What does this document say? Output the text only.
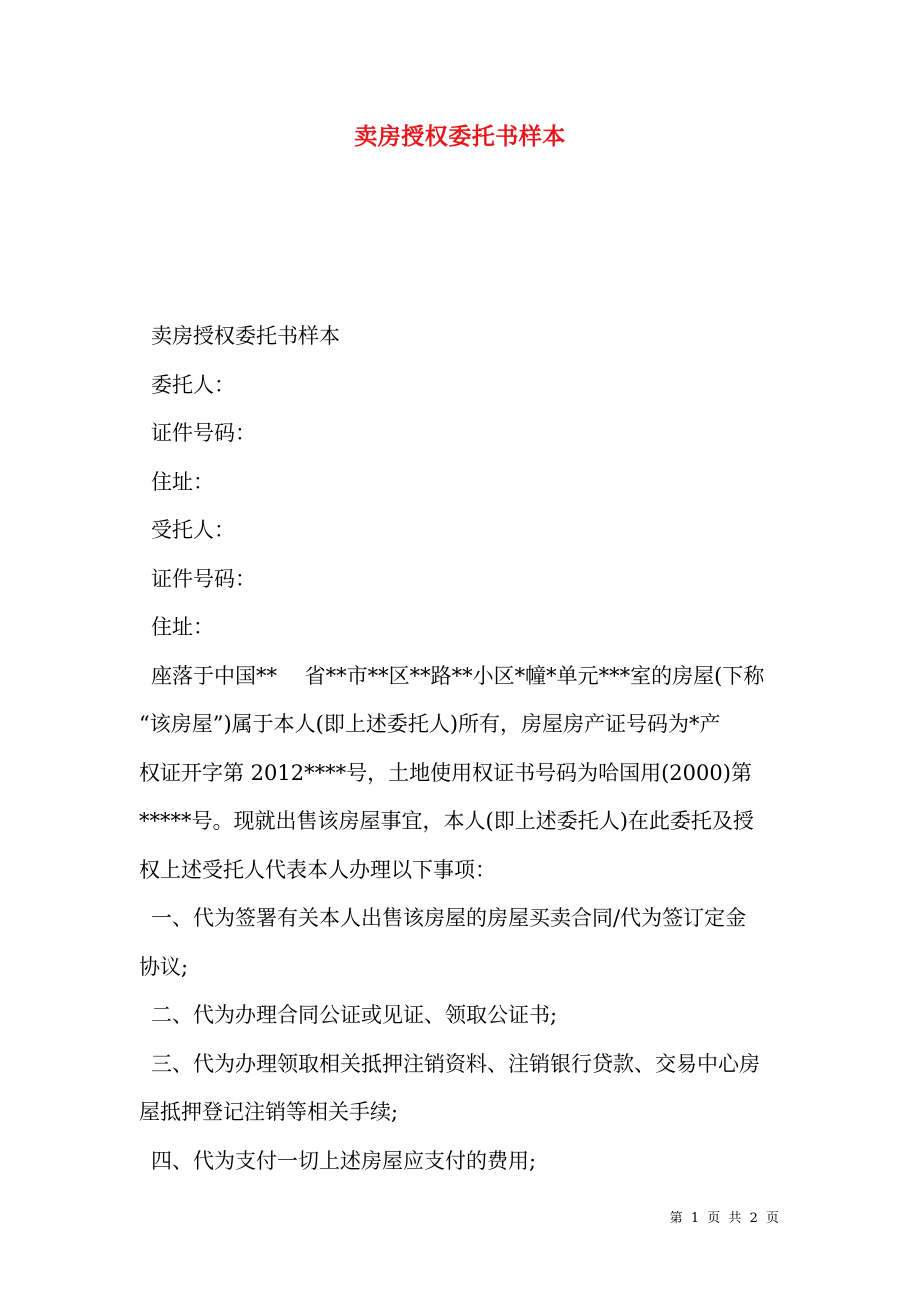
卖房授权委托书样本

卖房授权委托书样本

委托人：

证件号码：

住址：

受托人：

证件号码：

住址：

座落于中国**　 省**市**区**路**小区*幢*单元***室的房屋(下称

“该房屋”)属于本人(即上述委托人)所有，房屋房产证号码为*产

权证开字第 2012****号，土地使用权证书号码为哈国用(2000)第

*****号。现就出售该房屋事宜，本人(即上述委托人)在此委托及授

权上述受托人代表本人办理以下事项：

一、代为签署有关本人出售该房屋的房屋买卖合同/代为签订定金

协议;

二、代为办理合同公证或见证、领取公证书;

三、代为办理领取相关抵押注销资料、注销银行贷款、交易中心房

屋抵押登记注销等相关手续;

四、代为支付一切上述房屋应支付的费用;

第 1 页 共 2 页
